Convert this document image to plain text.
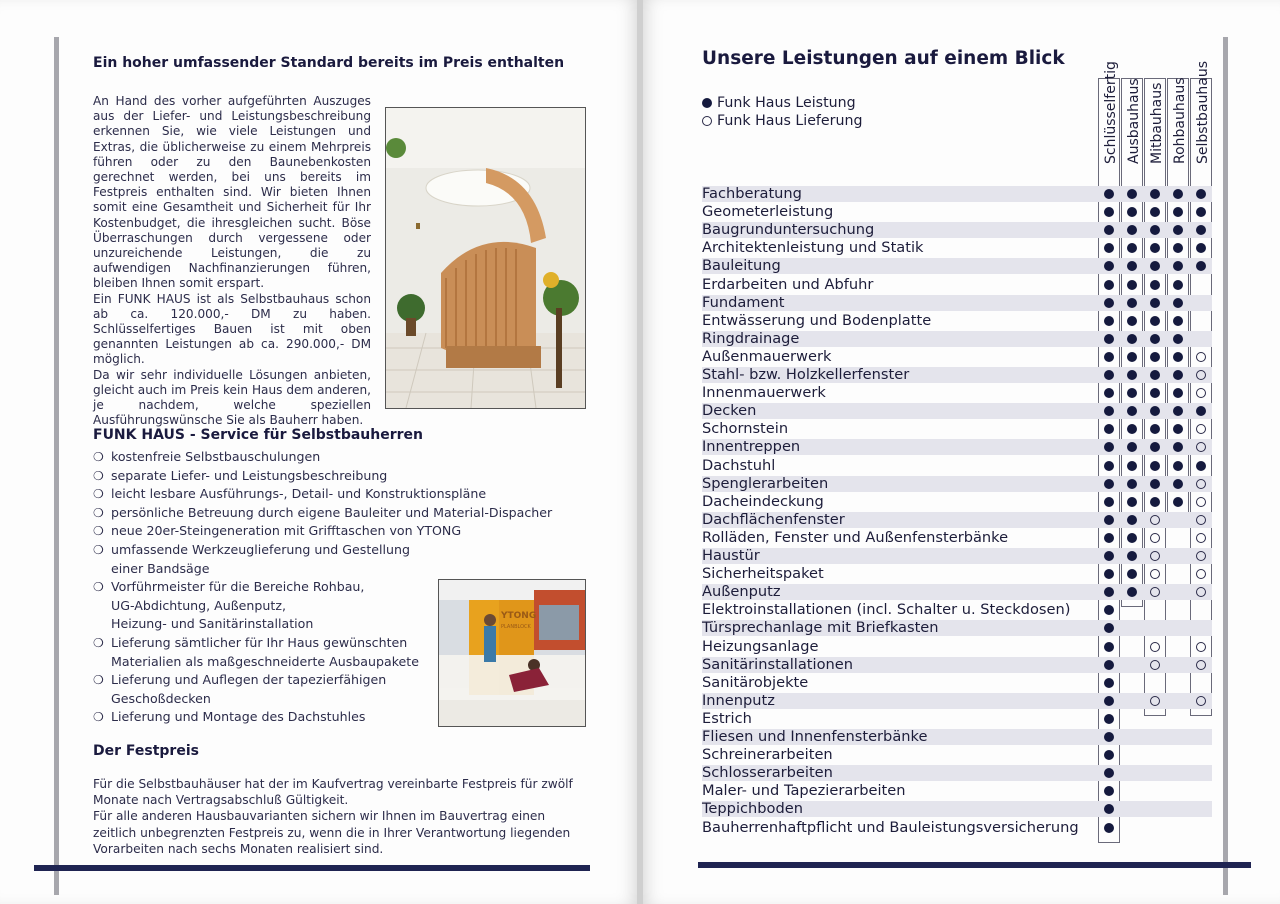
Ein hoher umfassender Standard bereits im Preis enthalten

An Hand des vorher aufgeführten Auszuges aus der Liefer- und Leistungsbeschreibung erkennen Sie, wie viele Leistungen und Extras, die üblicherweise zu einem Mehrpreis führen oder zu den Baunebenkosten gerechnet werden, bei uns bereits im Festpreis enthalten sind. Wir bieten Ihnen somit eine Gesamtheit und Sicherheit für Ihr Kostenbudget, die ihresgleichen sucht. Böse Überraschungen durch vergessene oder unzureichende Leistungen, die zu aufwendigen Nachfinanzierungen führen, bleiben Ihnen somit erspart.

Ein FUNK HAUS ist als Selbstbauhaus schon ab ca. 120.000,- DM zu haben. Schlüsselfertiges Bauen ist mit oben genannten Leistungen ab ca. 290.000,- DM möglich.

Da wir sehr individuelle Lösungen anbieten, gleicht auch im Preis kein Haus dem anderen, je nachdem, welche speziellen Ausführungswünsche Sie als Bauherr haben.

FUNK HAUS - Service für Selbstbauherren
❍ kostenfreie Selbstbauschulungen
❍ separate Liefer- und Leistungsbeschreibung
❍ leicht lesbare Ausführungs-, Detail- und Konstruktionspläne
❍ persönliche Betreuung durch eigene Bauleiter und Material-Dispacher
❍ neue 20er-Steingeneration mit Grifftaschen von YTONG
❍ umfassende Werkzeuglieferung und Gestellung
einer Bandsäge
❍ Vorführmeister für die Bereiche Rohbau,
UG-Abdichtung, Außenputz,
Heizung- und Sanitärinstallation
❍ Lieferung sämtlicher für Ihr Haus gewünschten
Materialien als maßgeschneiderte Ausbaupakete
❍ Lieferung und Auflegen der tapezierfähigen
Geschoßdecken
❍ Lieferung und Montage des Dachstuhles
YTONG
PLANBLOCK
Der Festpreis

Für die Selbstbauhäuser hat der im Kaufvertrag vereinbarte Festpreis für zwölf Monate nach Vertragsabschluß Gültigkeit.

Für alle anderen Hausbauvarianten sichern wir Ihnen im Bauvertrag einen zeitlich unbegrenzten Festpreis zu, wenn die in Ihrer Verantwortung liegenden Vorarbeiten nach sechs Monaten realisiert sind.

Unsere Leistungen auf einem Blick
Funk Haus Leistung
Funk Haus Lieferung	Schlüsselfertig Ausbauhaus Mitbauhaus Rohbauhaus Selbstbauhaus
Fachberatung
Geometerleistung
Baugrunduntersuchung
Architektenleistung und Statik
Bauleitung
Erdarbeiten und Abfuhr
Fundament
Entwässerung und Bodenplatte
Ringdrainage
Außenmauerwerk
Stahl- bzw. Holzkellerfenster
Innenmauerwerk
Decken
Schornstein
Innentreppen
Dachstuhl
Spenglerarbeiten
Dacheindeckung
Dachflächenfenster
Rolläden, Fenster und Außenfensterbänke
Haustür
Sicherheitspaket
Außenputz
Elektroinstallationen (incl. Schalter u. Steckdosen)
Türsprechanlage mit Briefkasten
Heizungsanlage
Sanitärinstallationen
Sanitärobjekte
Innenputz
Estrich
Fliesen und Innenfensterbänke
Schreinerarbeiten
Schlosserarbeiten
Maler- und Tapezierarbeiten
Teppichboden
Bauherrenhaftpflicht und Bauleistungsversicherung
